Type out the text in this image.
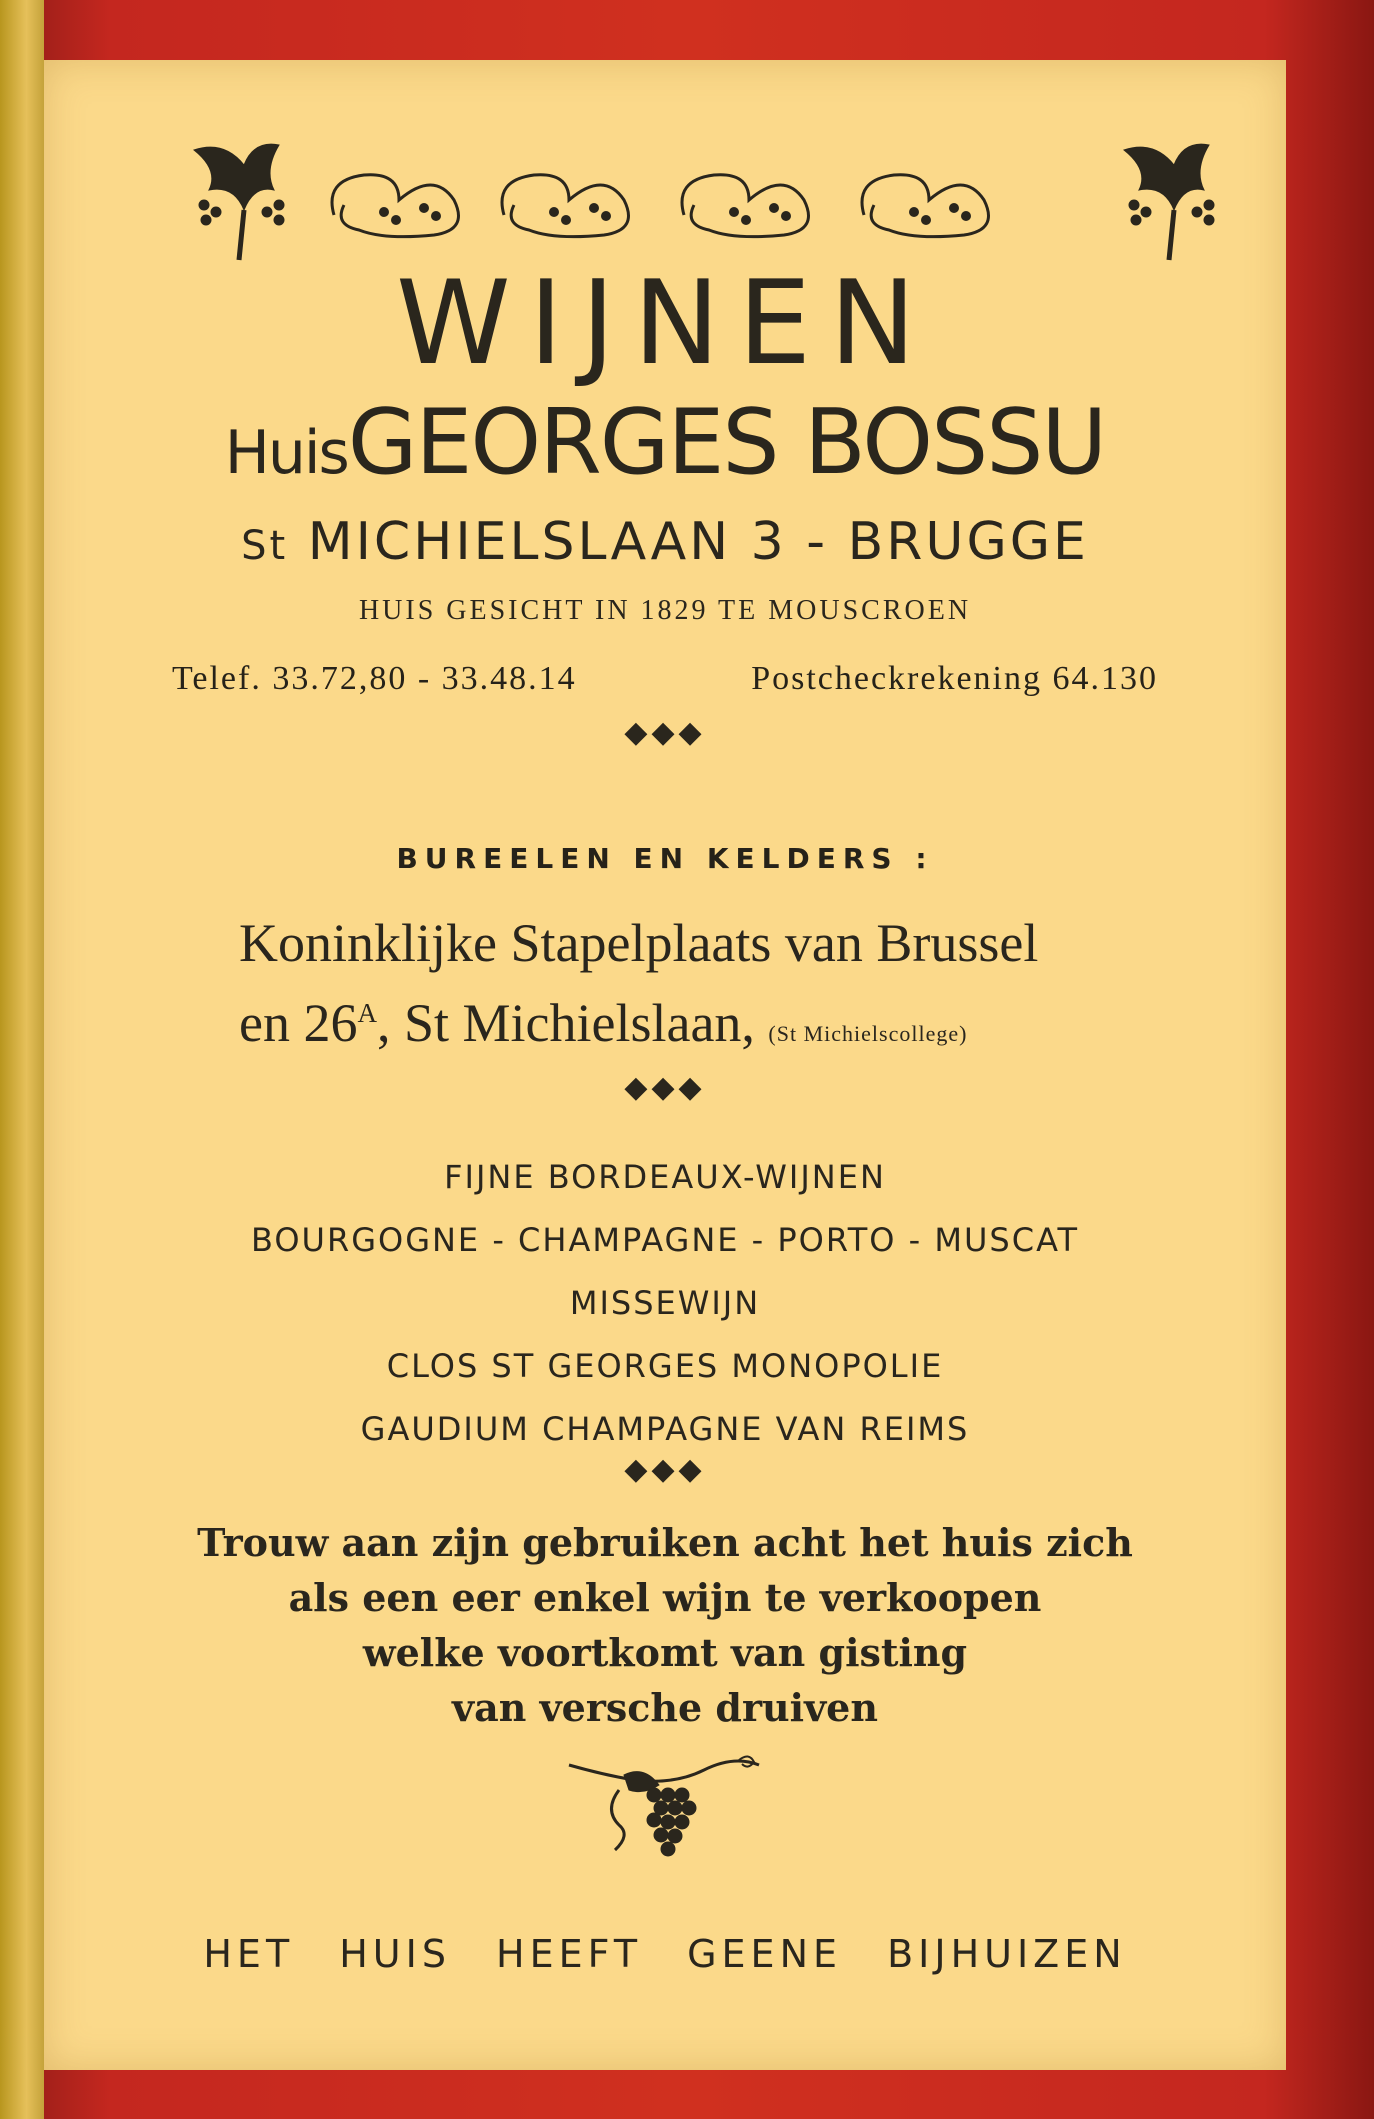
WIJNEN
HuisGEORGES BOSSU
St MICHIELSLAAN 3 - BRUGGE
HUIS GESICHT IN 1829 TE MOUSCROEN
Telef. 33.72,80 - 33.48.14	Postcheckrekening 64.130
◆◆◆
BUREELEN EN KELDERS :
Koninklijke Stapelplaats van Brussel
en $26^A$, St Michielslaan, (St Michielscollege)
◆◆◆
FIJNE BORDEAUX-WIJNEN
BOURGOGNE - CHAMPAGNE - PORTO - MUSCAT
MISSEWIJN
CLOS ST GEORGES MONOPOLIE
GAUDIUM CHAMPAGNE VAN REIMS
◆◆◆
Trouw aan zijn gebruiken acht het huis zich
als een eer enkel wijn te verkoopen
welke voortkomt van gisting
van versche druiven
HET HUIS HEEFT GEENE BIJHUIZEN
